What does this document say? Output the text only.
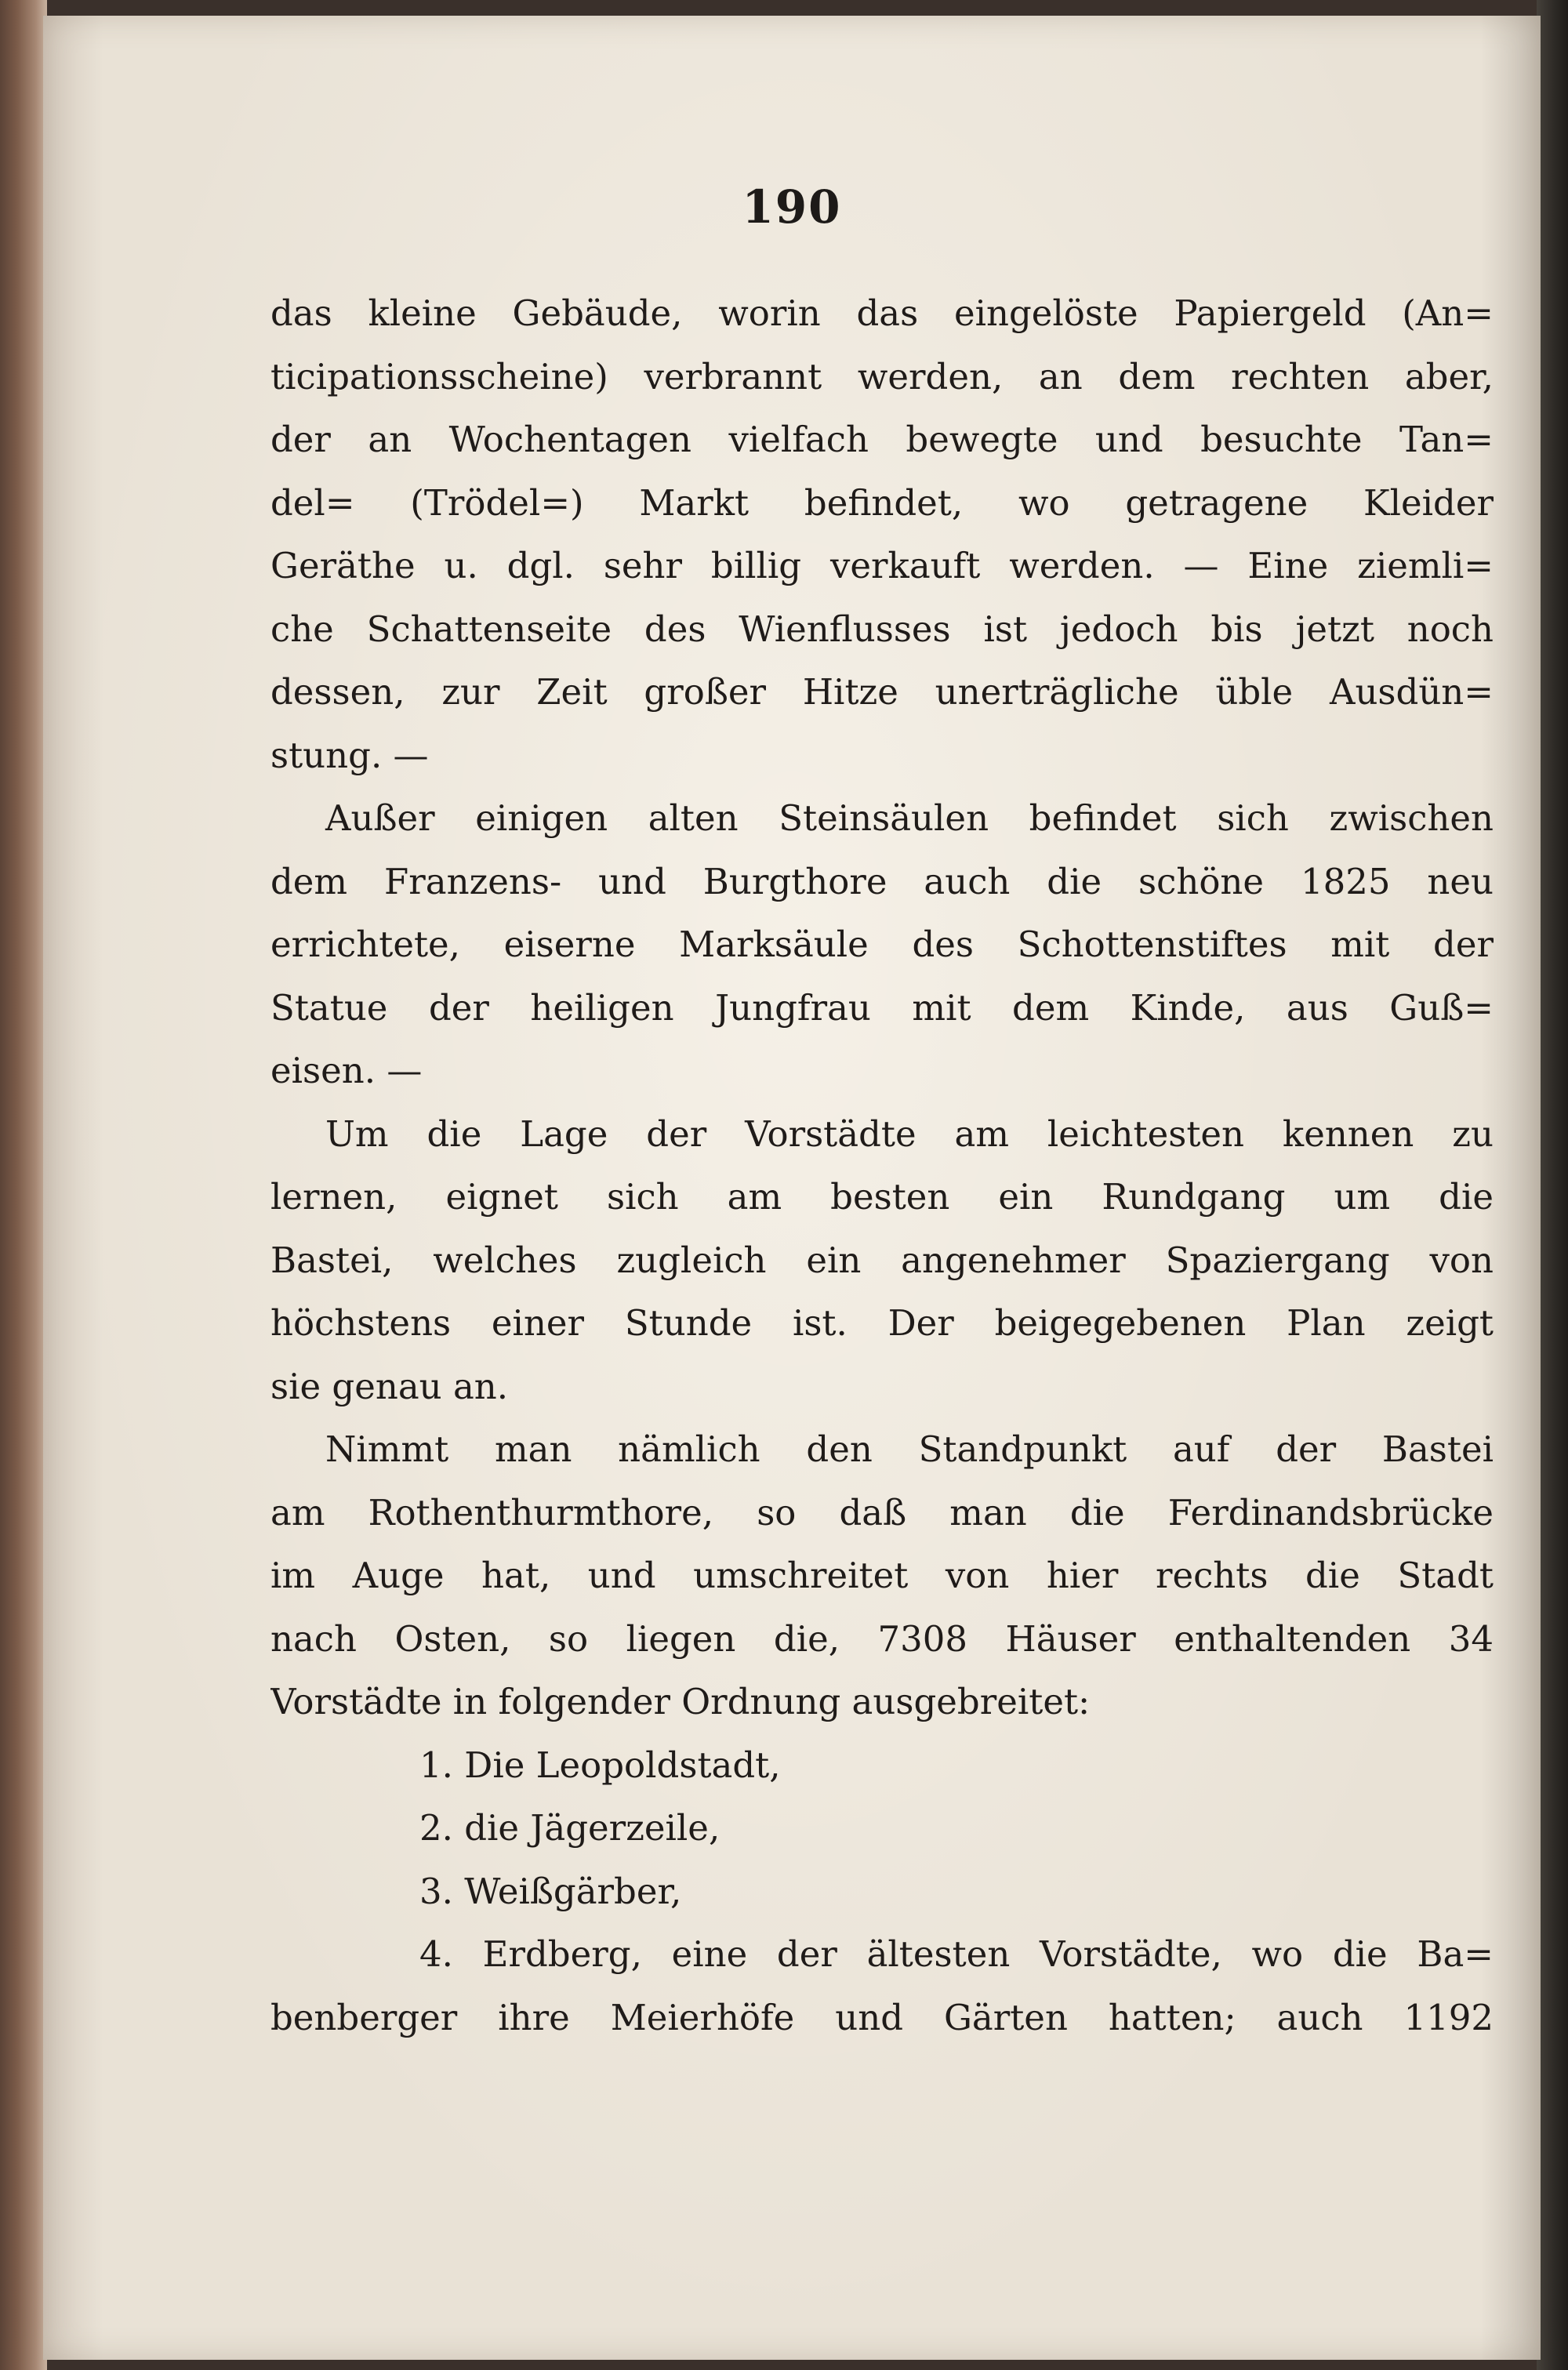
190
das kleine Gebäude, worin das eingelöste Papiergeld (An=
ticipationsscheine) verbrannt werden, an dem rechten aber,
der an Wochentagen vielfach bewegte und besuchte Tan=
del= (Trödel=) Markt befindet, wo getragene Kleider
Geräthe u. dgl. sehr billig verkauft werden. — Eine ziemli=
che Schattenseite des Wienflusses ist jedoch bis jetzt noch
dessen, zur Zeit großer Hitze unerträgliche üble Ausdün=
stung. —
Außer einigen alten Steinsäulen befindet sich zwischen
dem Franzens- und Burgthore auch die schöne 1825 neu
errichtete, eiserne Marksäule des Schottenstiftes mit der
Statue der heiligen Jungfrau mit dem Kinde, aus Guß=
eisen. —
Um die Lage der Vorstädte am leichtesten kennen zu
lernen, eignet sich am besten ein Rundgang um die
Bastei, welches zugleich ein angenehmer Spaziergang von
höchstens einer Stunde ist. Der beigegebenen Plan zeigt
sie genau an.
Nimmt man nämlich den Standpunkt auf der Bastei
am Rothenthurmthore, so daß man die Ferdinandsbrücke
im Auge hat, und umschreitet von hier rechts die Stadt
nach Osten, so liegen die, 7308 Häuser enthaltenden 34
Vorstädte in folgender Ordnung ausgebreitet:
1. Die Leopoldstadt,
2. die Jägerzeile,
3. Weißgärber,
4. Erdberg, eine der ältesten Vorstädte, wo die Ba=
benberger ihre Meierhöfe und Gärten hatten; auch 1192
